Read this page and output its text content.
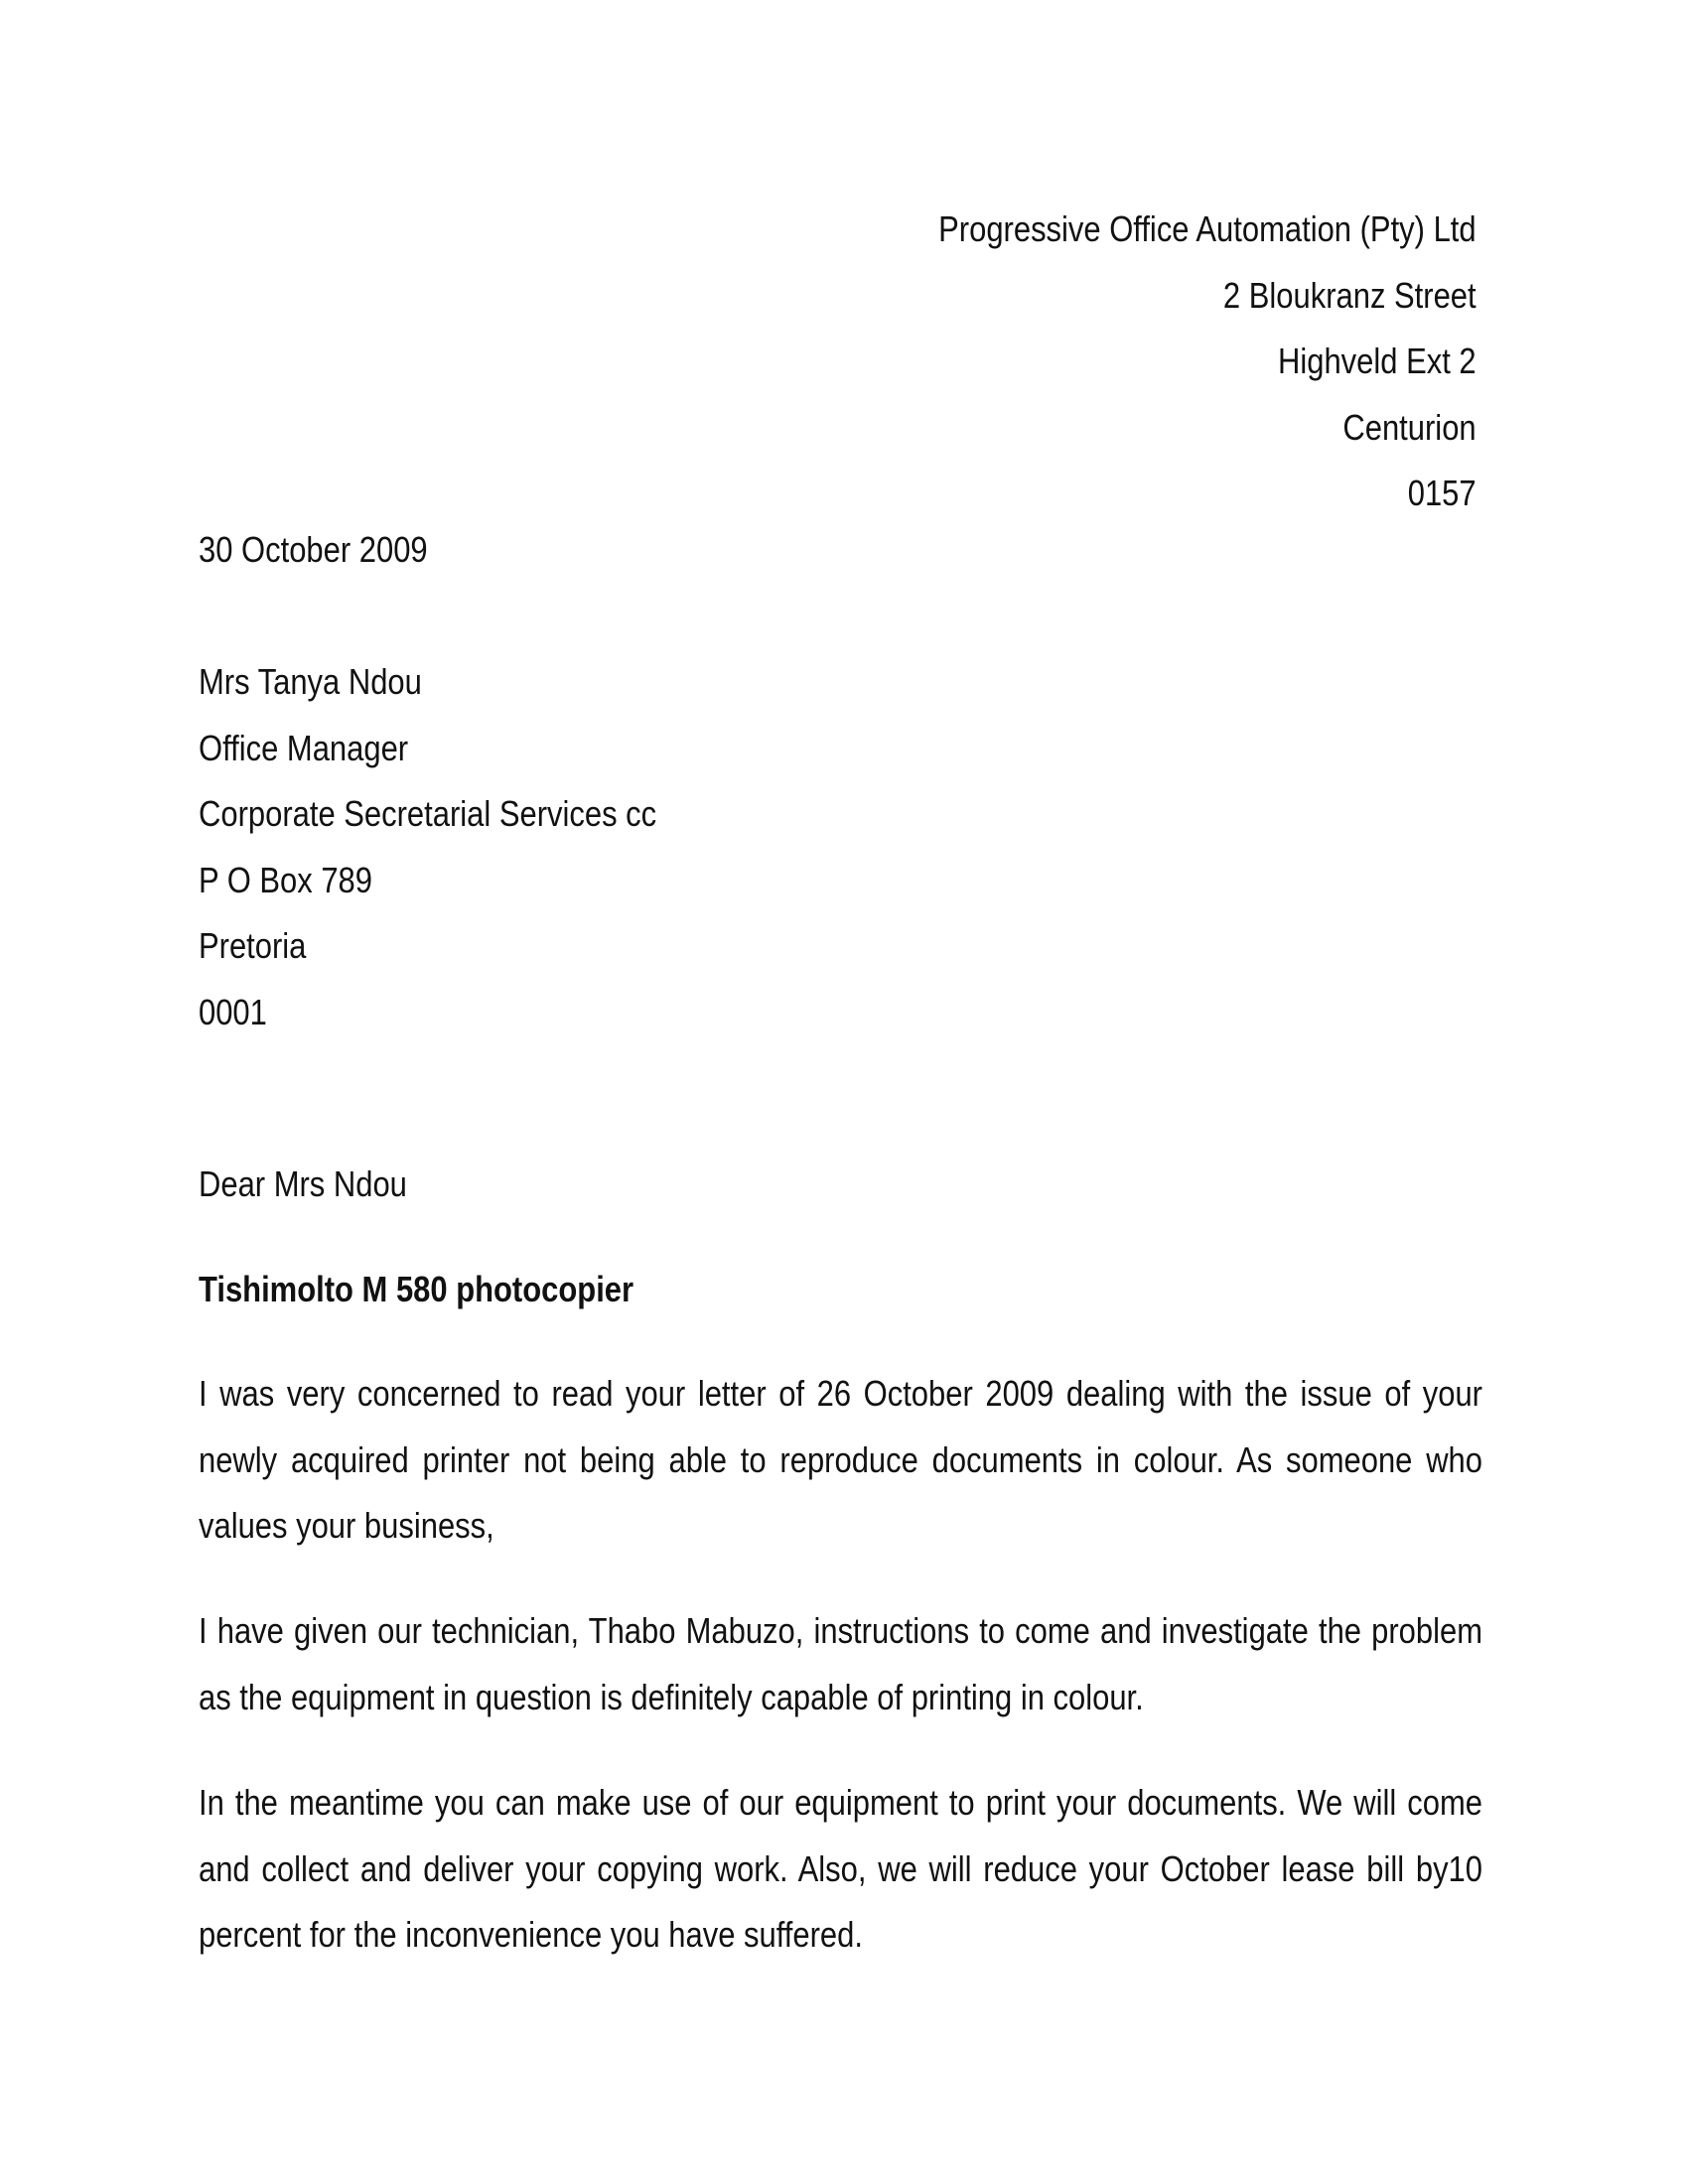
Progressive Office Automation (Pty) Ltd
2 Bloukranz Street
Highveld Ext 2
Centurion
0157
30 October 2009
Mrs Tanya Ndou
Office Manager
Corporate Secretarial Services cc
P O Box 789
Pretoria
0001
Dear Mrs Ndou
Tishimolto M 580 photocopier
I was very concerned to read your letter of 26 October 2009 dealing with the issue of your newly acquired printer not being able to reproduce documents in colour. As someone who values your business,
I have given our technician, Thabo Mabuzo, instructions to come and investigate the problem as the equipment in question is definitely capable of printing in colour.
In the meantime you can make use of our equipment to print your documents. We will come and collect and deliver your copying work. Also, we will reduce your October lease bill by10 percent for the inconvenience you have suffered.
